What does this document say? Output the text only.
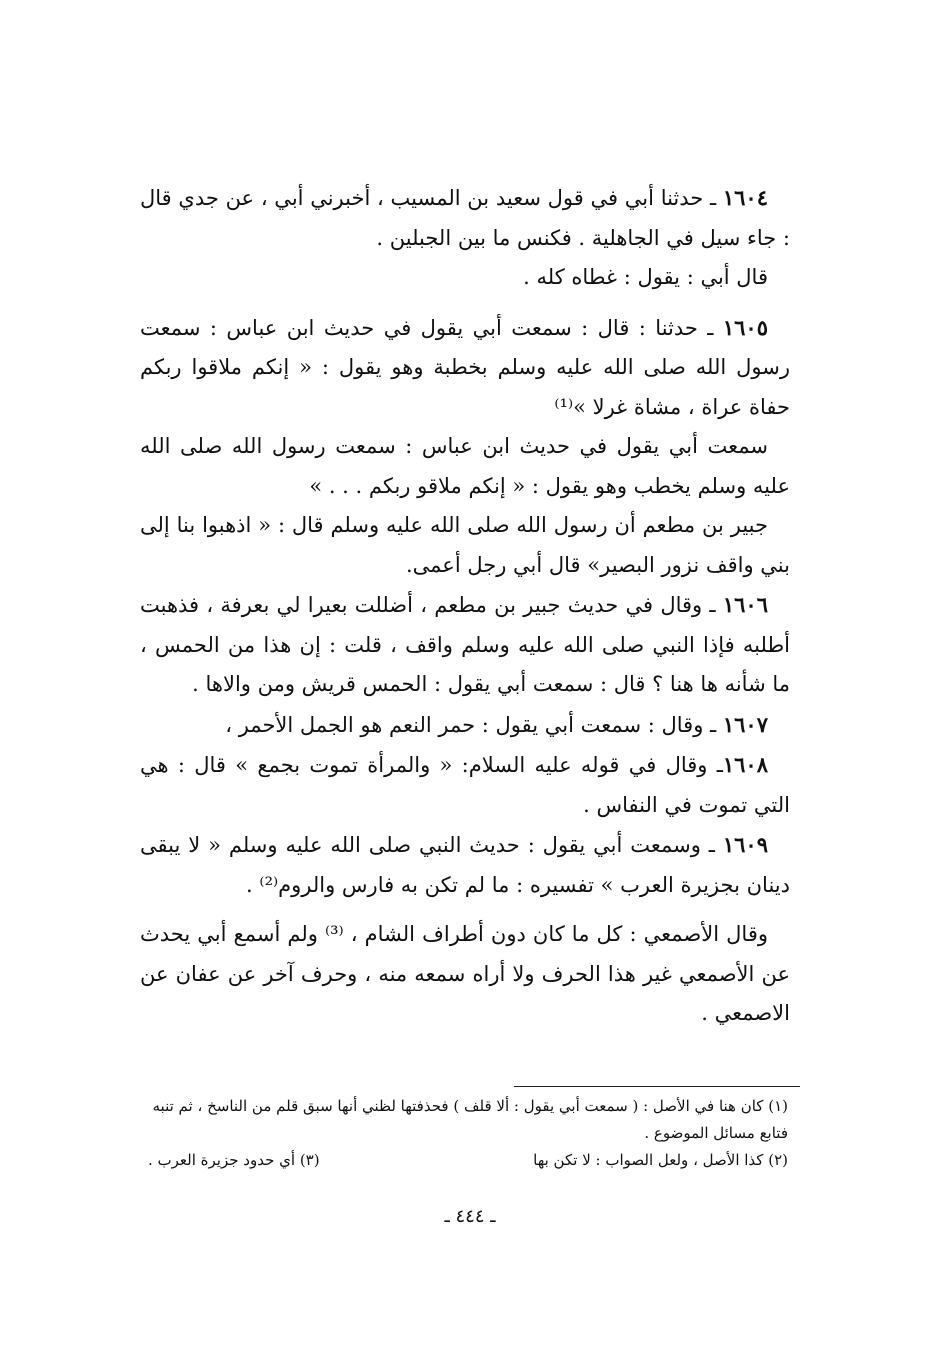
١٦٠٤ ـ حدثنا أبي في قول سعيد بن المسيب ، أخبرني أبي ، عن جدي قال : جاء سيل في الجاهلية . فكنس ما بين الجبلين .

قال أبي : يقول : غطاه كله .

١٦٠٥ ـ حدثنا : قال : سمعت أبي يقول في حديث ابن عباس : سمعت رسول الله صلى الله عليه وسلم بخطبة وهو يقول : « إنكم ملاقوا ربكم حفاة عراة ، مشاة غرلا »⁽¹⁾

سمعت أبي يقول في حديث ابن عباس : سمعت رسول الله صلى الله عليه وسلم يخطب وهو يقول : « إنكم ملاقو ربكم . . . »

جبير بن مطعم أن رسول الله صلى الله عليه وسلم قال : « اذهبوا بنا إلى بني واقف نزور البصير» قال أبي رجل أعمى.

١٦٠٦ ـ وقال في حديث جبير بن مطعم ، أضللت بعيرا لي بعرفة ، فذهبت أطلبه فإذا النبي صلى الله عليه وسلم واقف ، قلت : إن هذا من الحمس ، ما شأنه ها هنا ؟ قال : سمعت أبي يقول : الحمس قريش ومن والاها .

١٦٠٧ ـ وقال : سمعت أبي يقول : حمر النعم هو الجمل الأحمر ،

١٦٠٨ـ وقال في قوله عليه السلام: « والمرأة تموت بجمع » قال : هي التي تموت في النفاس .

١٦٠٩ ـ وسمعت أبي يقول : حديث النبي صلى الله عليه وسلم « لا يبقى دينان بجزيرة العرب » تفسيره : ما لم تكن به فارس والروم⁽²⁾ .

وقال الأصمعي : كل ما كان دون أطراف الشام ، ⁽³⁾ ولم أسمع أبي يحدث عن الأصمعي غير هذا الحرف ولا أراه سمعه منه ، وحرف آخر عن عفان عن الاصمعي .

(١) كان هنا في الأصل : ( سمعت أبي يقول : ألا قلف ) فحذفتها لظني أنها سبق قلم من الناسخ ، ثم تنبه فتابع مسائل الموضوع .

(٢) كذا الأصل ، ولعل الصواب : لا تكن بها
(٣) أي حدود جزيرة العرب .
ـ ٤٤٤ ـ
